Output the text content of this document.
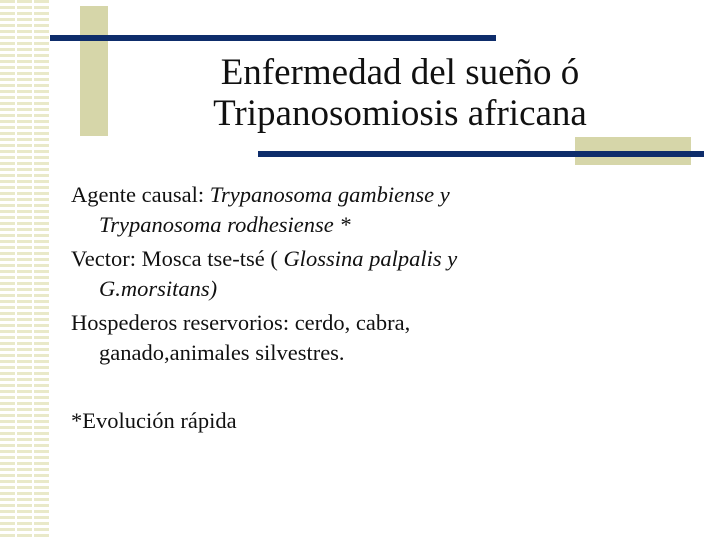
Enfermedad del sueño ó
Tripanosomiosis africana

Agente causal: Trypanosoma gambiense y
Trypanosoma rodhesiense *

Vector: Mosca tse-tsé ( Glossina palpalis y
G.morsitans)

Hospederos reservorios: cerdo, cabra,
ganado,animales silvestres.

*Evolución rápida
